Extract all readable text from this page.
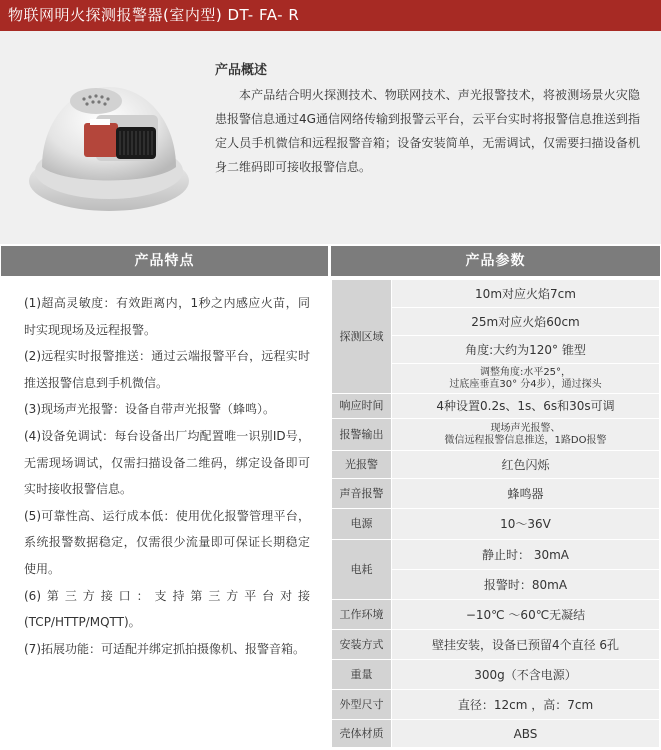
物联网明火探测报警器(室内型) DT- FA- R
产品概述
本产品结合明火探测技术、物联网技术、声光报警技术，将被测场景火灾隐患报警信息通过4G通信网络传输到报警云平台，云平台实时将报警信息推送到指定人员手机微信和远程报警音箱；设备安装简单，无需调试，仅需要扫描设备机身二维码即可接收报警信息。
产品特点	产品参数

(1)超高灵敏度：有效距离内，1秒之内感应火苗，同时实现现场及远程报警。

(2)远程实时报警推送：通过云端报警平台，远程实时推送报警信息到手机微信。

(3)现场声光报警：设备自带声光报警（蜂鸣）。

(4)设备免调试：每台设备出厂均配置唯一识别ID号，无需现场调试，仅需扫描设备二维码，绑定设备即可实时接收报警信息。

(5)可靠性高、运行成本低：使用优化报警管理平台，系统报警数据稳定，仅需很少流量即可保证长期稳定使用。

(6)第三方接口：支持第三方平台对接(TCP/HTTP/MQTT)。

(7)拓展功能：可适配并绑定抓拍摄像机、报警音箱。

探测区域	10m对应火焰7cm
	25m对应火焰60cm
	角度:大约为120° 锥型

	调整角度:水平25°，
过底座垂直30° 分4步），通过探头

响应时间	4种设置0.2s、1s、6s和30s可调
报警输出	现场声光报警、
微信远程报警信息推送，1路DO报警

光报警	红色闪烁
声音报警	蜂鸣器
电源	10～36V
电耗	静止时： 30mA
	报警时：80mA
工作环境	−10℃ ～60℃无凝结
安装方式	壁挂安装，设备已预留4个直径 6孔
重量	300g（不含电源）
外型尺寸	直径：12cm ，高：7cm
壳体材质	ABS
